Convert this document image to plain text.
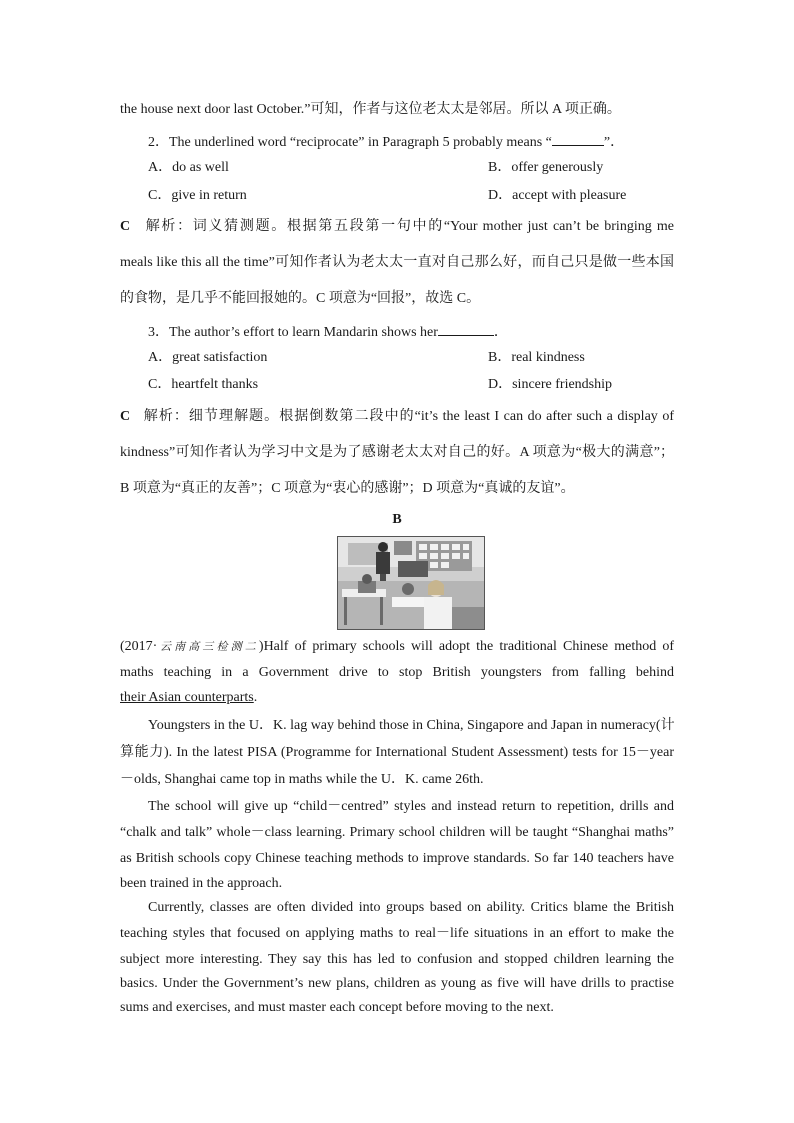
the house next door last October.”可知，作者与这位老太太是邻居。所以 A 项正确。
2．The underlined word “reciprocate” in Paragraph 5 probably means “	”．
A．do as well	B．offer generously
C．give in return	D．accept with pleasure
C 解析：词义猜测题。根据第五段第一句中的“Your mother just can’t be bringing me
meals like this all the time”可知作者认为老太太一直对自己那么好，而自己只是做一些本国
的食物，是几乎不能回报她的。C 项意为“回报”，故选 C。
3．The author’s effort to learn Mandarin shows her	．
A．great satisfaction	B．real kindness
C．heartfelt thanks	D．sincere friendship
C 解析：细节理解题。根据倒数第二段中的“it’s the least I can do after such a display of
kindness”可知作者认为学习中文是为了感谢老太太对自己的好。A 项意为“极大的满意”；
B 项意为“真正的友善”；C 项意为“衷心的感谢”；D 项意为“真诚的友谊”。
B
(2017·云南高三检测二)Half of primary schools will adopt the traditional Chinese method of
maths teaching in a Government drive to stop British youngsters from falling behind
their Asian counterparts.
Youngsters in the U．K. lag way behind those in China, Singapore and Japan in numeracy(计
算能力). In the latest PISA (Programme for International Student Assessment) tests for 15－year
－olds, Shanghai came top in maths while the U．K. came 26th.
The school will give up “child－centred” styles and instead return to repetition, drills and
“chalk and talk” whole－class learning. Primary school children will be taught “Shanghai maths”
as British schools copy Chinese teaching methods to improve standards. So far 140 teachers have
been trained in the approach.
Currently, classes are often divided into groups based on ability. Critics blame the British
teaching styles that focused on applying maths to real－life situations in an effort to make the
subject more interesting. They say this has led to confusion and stopped children learning the
basics. Under the Government’s new plans, children as young as five will have drills to practise
sums and exercises, and must master each concept before moving to the next.
